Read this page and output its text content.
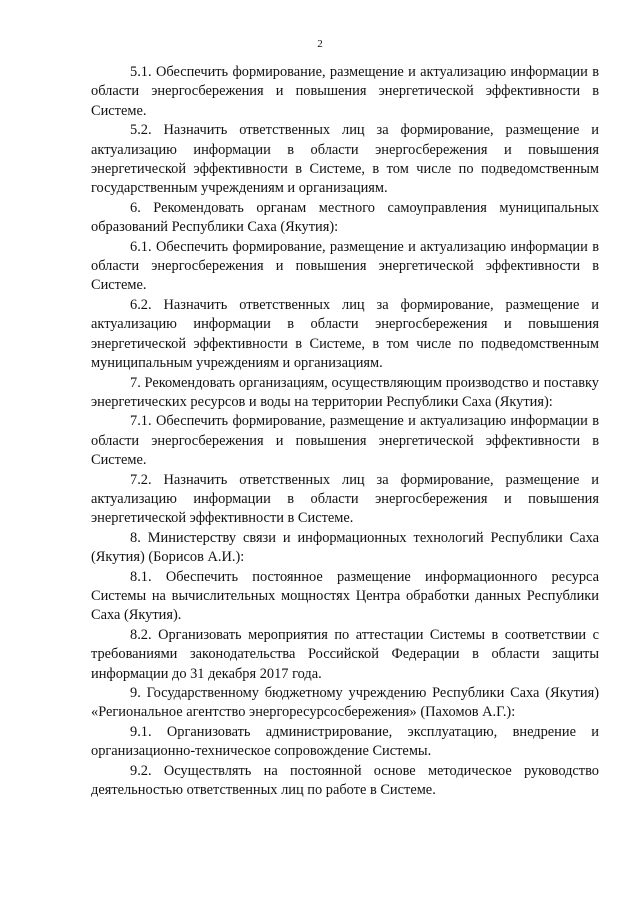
2

5.1. Обеспечить формирование, размещение и актуализацию информации в области энергосбережения и повышения энергетической эффективности в Системе.

5.2. Назначить ответственных лиц за формирование, размещение и актуализацию информации в области энергосбережения и повышения энергетической эффективности в Системе, в том числе по подведомственным государственным учреждениям и организациям.

6. Рекомендовать органам местного самоуправления муниципальных образований Республики Саха (Якутия):

6.1. Обеспечить формирование, размещение и актуализацию информации в области энергосбережения и повышения энергетической эффективности в Системе.

6.2. Назначить ответственных лиц за формирование, размещение и актуализацию информации в области энергосбережения и повышения энергетической эффективности в Системе, в том числе по подведомственным муниципальным учреждениям и организациям.

7. Рекомендовать организациям, осуществляющим производство и поставку энергетических ресурсов и воды на территории Республики Саха (Якутия):

7.1. Обеспечить формирование, размещение и актуализацию информации в области энергосбережения и повышения энергетической эффективности в Системе.

7.2. Назначить ответственных лиц за формирование, размещение и актуализацию информации в области энергосбережения и повышения энергетической эффективности в Системе.

8. Министерству связи и информационных технологий Республики Саха (Якутия) (Борисов А.И.):

8.1. Обеспечить постоянное размещение информационного ресурса Системы на вычислительных мощностях Центра обработки данных Республики Саха (Якутия).

8.2. Организовать мероприятия по аттестации Системы в соответствии с требованиями законодательства Российской Федерации в области защиты информации до 31 декабря 2017 года.

9. Государственному бюджетному учреждению Республики Саха (Якутия) «Региональное агентство энергоресурсосбережения» (Пахомов А.Г.):

9.1. Организовать администрирование, эксплуатацию, внедрение и организационно-техническое сопровождение Системы.

9.2. Осуществлять на постоянной основе методическое руководство деятельностью ответственных лиц по работе в Системе.
